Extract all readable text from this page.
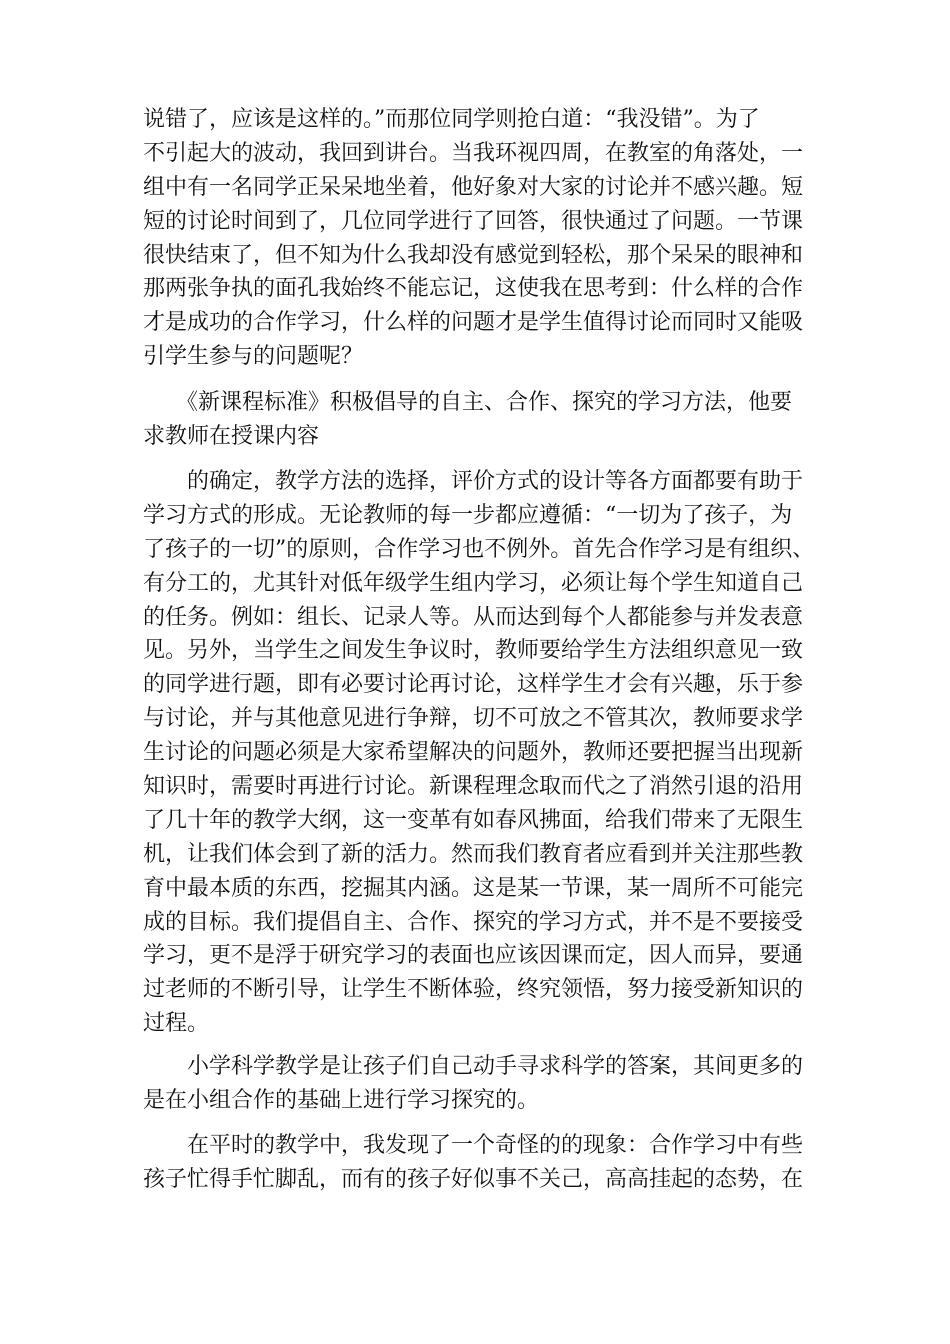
说错了，应该是这样的。”而那位同学则抢白道：“我没错”。为了
不引起大的波动，我回到讲台。当我环视四周，在教室的角落处，一
组中有一名同学正呆呆地坐着，他好象对大家的讨论并不感兴趣。短
短的讨论时间到了，几位同学进行了回答，很快通过了问题。一节课
很快结束了，但不知为什么我却没有感觉到轻松，那个呆呆的眼神和
那两张争执的面孔我始终不能忘记，这使我在思考到：什么样的合作
才是成功的合作学习，什么样的问题才是学生值得讨论而同时又能吸
引学生参与的问题呢？

　　《新课程标准》积极倡导的自主、合作、探究的学习方法，他要
求教师在授课内容

　　的确定，教学方法的选择，评价方式的设计等各方面都要有助于
学习方式的形成。无论教师的每一步都应遵循：“一切为了孩子，为
了孩子的一切”的原则，合作学习也不例外。首先合作学习是有组织、
有分工的，尤其针对低年级学生组内学习，必须让每个学生知道自己
的任务。例如：组长、记录人等。从而达到每个人都能参与并发表意
见。另外，当学生之间发生争议时，教师要给学生方法组织意见一致
的同学进行题，即有必要讨论再讨论，这样学生才会有兴趣，乐于参
与讨论，并与其他意见进行争辩，切不可放之不管其次，教师要求学
生讨论的问题必须是大家希望解决的问题外，教师还要把握当出现新
知识时，需要时再进行讨论。新课程理念取而代之了消然引退的沿用
了几十年的教学大纲，这一变革有如春风拂面，给我们带来了无限生
机，让我们体会到了新的活力。然而我们教育者应看到并关注那些教
育中最本质的东西，挖掘其内涵。这是某一节课，某一周所不可能完
成的目标。我们提倡自主、合作、探究的学习方式，并不是不要接受
学习，更不是浮于研究学习的表面也应该因课而定，因人而异，要通
过老师的不断引导，让学生不断体验，终究领悟，努力接受新知识的
过程。

　　小学科学教学是让孩子们自己动手寻求科学的答案，其间更多的
是在小组合作的基础上进行学习探究的。

　　在平时的教学中，我发现了一个奇怪的的现象：合作学习中有些
孩子忙得手忙脚乱，而有的孩子好似事不关己，高高挂起的态势，在
